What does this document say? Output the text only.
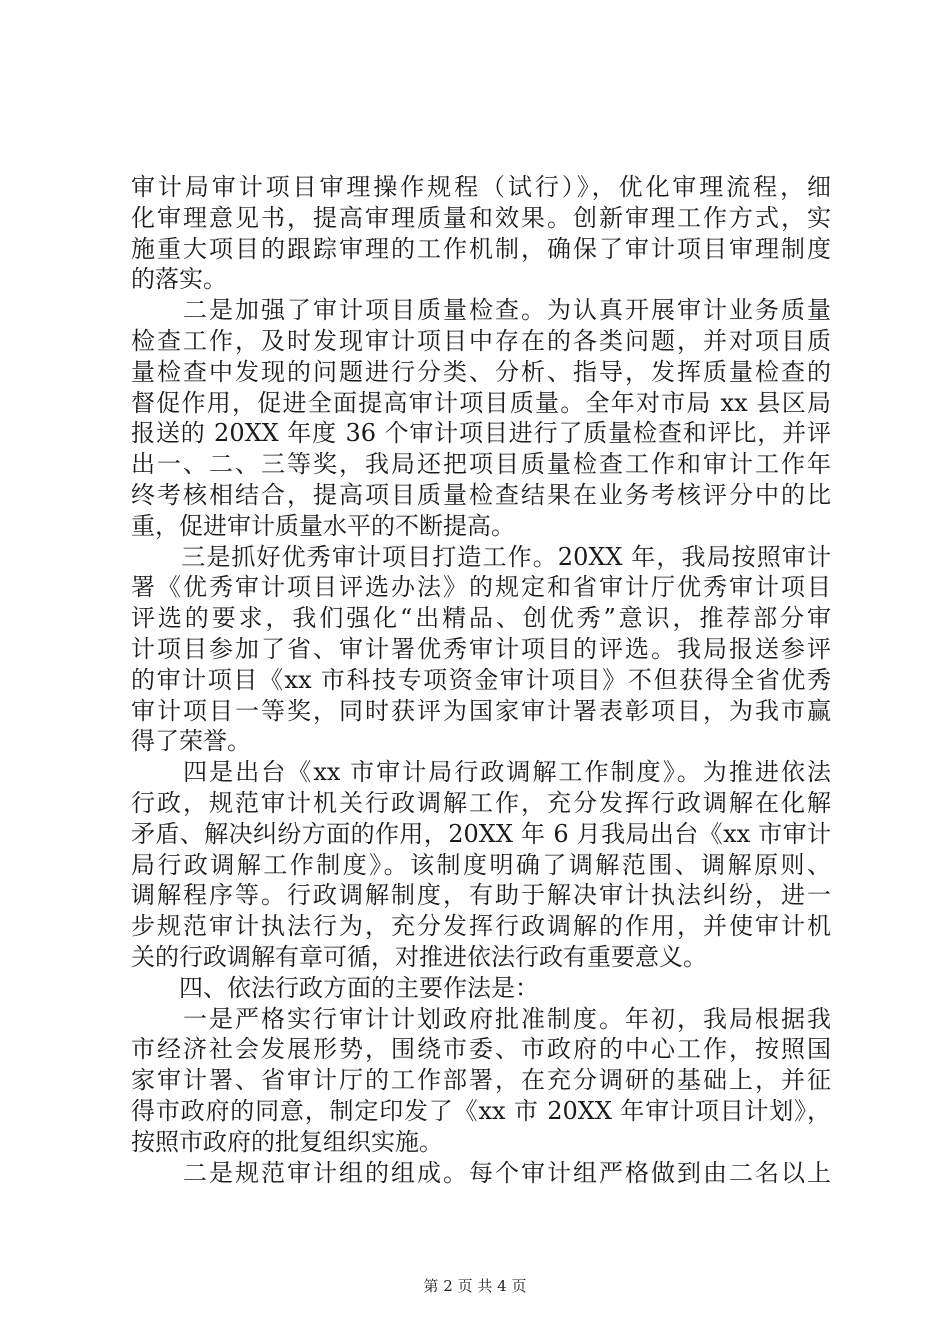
审计局审计项目审理操作规程（试行）》，优化审理流程，细
化审理意见书，提高审理质量和效果。创新审理工作方式，实
施重大项目的跟踪审理的工作机制，确保了审计项目审理制度
的落实。
　　二是加强了审计项目质量检查。为认真开展审计业务质量
检查工作，及时发现审计项目中存在的各类问题，并对项目质
量检查中发现的问题进行分类、分析、指导，发挥质量检查的
督促作用，促进全面提高审计项目质量。全年对市局 xx 县区局
报送的 20XX 年度 36 个审计项目进行了质量检查和评比，并评
出一、二、三等奖，我局还把项目质量检查工作和审计工作年
终考核相结合，提高项目质量检查结果在业务考核评分中的比
重，促进审计质量水平的不断提高。
　　三是抓好优秀审计项目打造工作。20XX 年，我局按照审计
署《优秀审计项目评选办法》的规定和省审计厅优秀审计项目
评选的要求，我们强化“出精品、创优秀”意识，推荐部分审
计项目参加了省、审计署优秀审计项目的评选。我局报送参评
的审计项目《xx 市科技专项资金审计项目》不但获得全省优秀
审计项目一等奖，同时获评为国家审计署表彰项目，为我市赢
得了荣誉。
　　四是出台《xx 市审计局行政调解工作制度》。为推进依法
行政，规范审计机关行政调解工作，充分发挥行政调解在化解
矛盾、解决纠纷方面的作用，20XX 年 6 月我局出台《xx 市审计
局行政调解工作制度》。该制度明确了调解范围、调解原则、
调解程序等。行政调解制度，有助于解决审计执法纠纷，进一
步规范审计执法行为，充分发挥行政调解的作用，并使审计机
关的行政调解有章可循，对推进依法行政有重要意义。
　　四、依法行政方面的主要作法是：
　　一是严格实行审计计划政府批准制度。年初，我局根据我
市经济社会发展形势，围绕市委、市政府的中心工作，按照国
家审计署、省审计厅的工作部署，在充分调研的基础上，并征
得市政府的同意，制定印发了《xx 市 20XX 年审计项目计划》，
按照市政府的批复组织实施。
　　二是规范审计组的组成。每个审计组严格做到由二名以上
第 2 页 共 4 页
